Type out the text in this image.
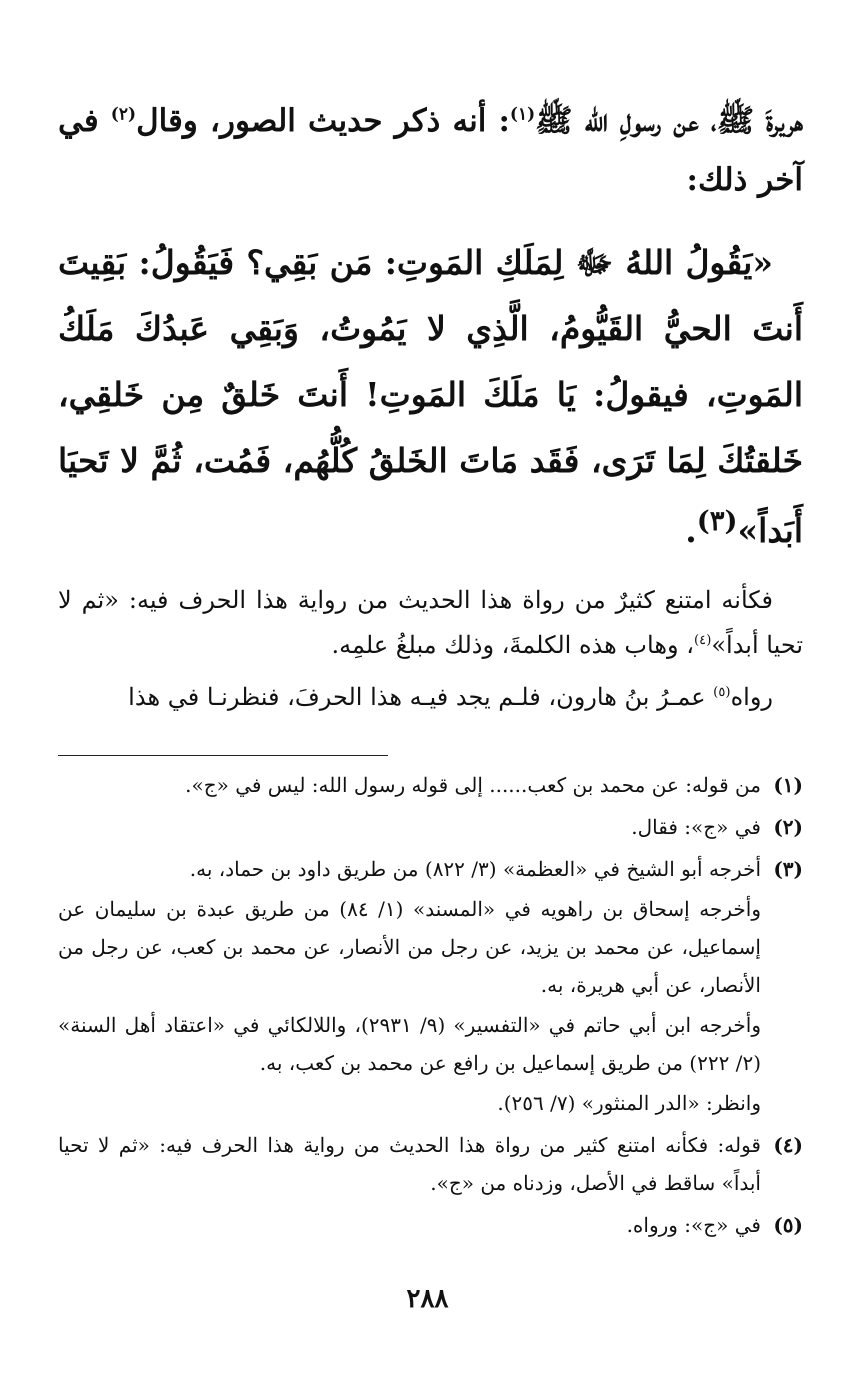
هريرةَ ﷺ، عن رسولِ الله ﷺ$^{(١)}$: أنه ذكر حديث الصور، وقال$^{(٢)}$ في آخر ذلك:

«يَقُولُ اللهُ ﷻ لِمَلَكِ المَوتِ: مَن بَقِي؟ فَيَقُولُ: بَقِيتَ أَنتَ الحيُّ القَيُّومُ، الَّذِي لا يَمُوتُ، وَبَقِي عَبدُكَ مَلَكُ المَوتِ، فيقولُ: يَا مَلَكَ المَوتِ! أَنتَ خَلقٌ مِن خَلقِي، خَلقتُكَ لِمَا تَرَى، فَقَد مَاتَ الخَلقُ كُلُّهُم، فَمُت، ثُمَّ لا تَحيَا أَبَداً»$^{(٣)}$.

فكأنه امتنع كثيرٌ من رواة هذا الحديث من رواية هذا الحرف فيه: «ثم لا تحيا أبداً»$^{(٤)}$، وهاب هذه الكلمةَ، وذلك مبلغُ علمِه.

رواه$^{(٥)}$ عمـرُ بنُ هارون، فلـم يجد فيـه هذا الحرفَ، فنظرنـا في هذا

(١)
من قوله: عن محمد بن كعب...... إلى قوله رسول الله: ليس في «ج».
(٢)
في «ج»: فقال.
(٣)
أخرجه أبو الشيخ في «العظمة» (٣/ ٨٢٢) من طريق داود بن حماد، به.
وأخرجه إسحاق بن راهويه في «المسند» (١/ ٨٤) من طريق عبدة بن سليمان عن إسماعيل، عن محمد بن يزيد، عن رجل من الأنصار، عن محمد بن كعب، عن رجل من الأنصار، عن أبي هريرة، به.
وأخرجه ابن أبي حاتم في «التفسير» (٩/ ٢٩٣١)، واللالكائي في «اعتقاد أهل السنة» (٢/ ٢٢٢) من طريق إسماعيل بن رافع عن محمد بن كعب، به.
وانظر: «الدر المنثور» (٧/ ٢٥٦).
(٤)
قوله: فكأنه امتنع كثير من رواة هذا الحديث من رواية هذا الحرف فيه: «ثم لا تحيا أبداً» ساقط في الأصل، وزدناه من «ج».
(٥)
في «ج»: ورواه.
٢٨٨
